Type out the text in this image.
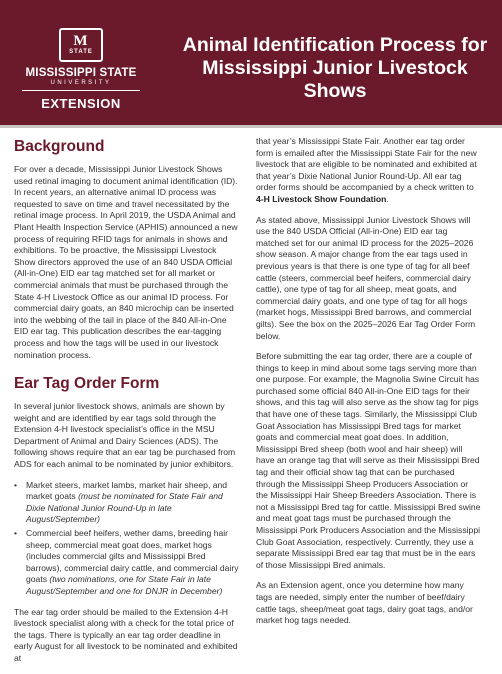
M
STATE
MISSISSIPPI STATE
UNIVERSITY
EXTENSION
Animal Identification Process for Mississippi Junior Livestock Shows
Background

For over a decade, Mississippi Junior Livestock Shows used retinal imaging to document animal identification (ID). In recent years, an alternative animal ID process was requested to save on time and travel necessitated by the retinal image process. In April 2019, the USDA Animal and Plant Health Inspection Service (APHIS) announced a new process of requiring RFID tags for animals in shows and exhibitions. To be proactive, the Mississippi Livestock Show directors approved the use of an 840 USDA Official (All-in-One) EID ear tag matched set for all market or commercial animals that must be purchased through the State 4-H Livestock Office as our animal ID process. For commercial dairy goats, an 840 microchip can be inserted into the webbing of the tail in place of the 840 All-in-One EID ear tag. This publication describes the ear-tagging process and how the tags will be used in our livestock nomination process.

Ear Tag Order Form

In several junior livestock shows, animals are shown by weight and are identified by ear tags sold through the Extension 4-H livestock specialist’s office in the MSU Department of Animal and Dairy Sciences (ADS). The following shows require that an ear tag be purchased from ADS for each animal to be nominated by junior exhibitors.

• Market steers, market lambs, market hair sheep, and market goats (must be nominated for State Fair and Dixie National Junior Round-Up in late August/September)
• Commercial beef heifers, wether dams, breeding hair sheep, commercial meat goat does, market hogs (includes commercial gilts and Mississippi Bred barrows), commercial dairy cattle, and commercial dairy goats (two nominations, one for State Fair in late August/September and one for DNJR in December)

The ear tag order should be mailed to the Extension 4-H livestock specialist along with a check for the total price of the tags. There is typically an ear tag order deadline in early August for all livestock to be nominated and exhibited at

that year’s Mississippi State Fair. Another ear tag order form is emailed after the Mississippi State Fair for the new livestock that are eligible to be nominated and exhibited at that year’s Dixie National Junior Round-Up. All ear tag order forms should be accompanied by a check written to 4-H Livestock Show Foundation.

As stated above, Mississippi Junior Livestock Shows will use the 840 USDA Official (All-in-One) EID ear tag matched set for our animal ID process for the 2025–2026 show season. A major change from the ear tags used in previous years is that there is one type of tag for all beef cattle (steers, commercial beef heifers, commercial dairy cattle), one type of tag for all sheep, meat goats, and commercial dairy goats, and one type of tag for all hogs (market hogs, Mississippi Bred barrows, and commercial gilts). See the box on the 2025–2026 Ear Tag Order Form below.

Before submitting the ear tag order, there are a couple of things to keep in mind about some tags serving more than one purpose. For example, the Magnolia Swine Circuit has purchased some official 840 All-in-One EID tags for their shows, and this tag will also serve as the show tag for pigs that have one of these tags. Similarly, the Mississippi Club Goat Association has Mississippi Bred tags for market goats and commercial meat goat does. In addition, Mississippi Bred sheep (both wool and hair sheep) will have an orange tag that will serve as their Mississippi Bred tag and their official show tag that can be purchased through the Mississippi Sheep Producers Association or the Mississippi Hair Sheep Breeders Association. There is not a Mississippi Bred tag for cattle. Mississippi Bred swine and meat goat tags must be purchased through the Mississippi Pork Producers Association and the Mississippi Club Goat Association, respectively. Currently, they use a separate Mississippi Bred ear tag that must be in the ears of those Mississippi Bred animals.

As an Extension agent, once you determine how many tags are needed, simply enter the number of beef/dairy cattle tags, sheep/meat goat tags, dairy goat tags, and/or market hog tags needed.
